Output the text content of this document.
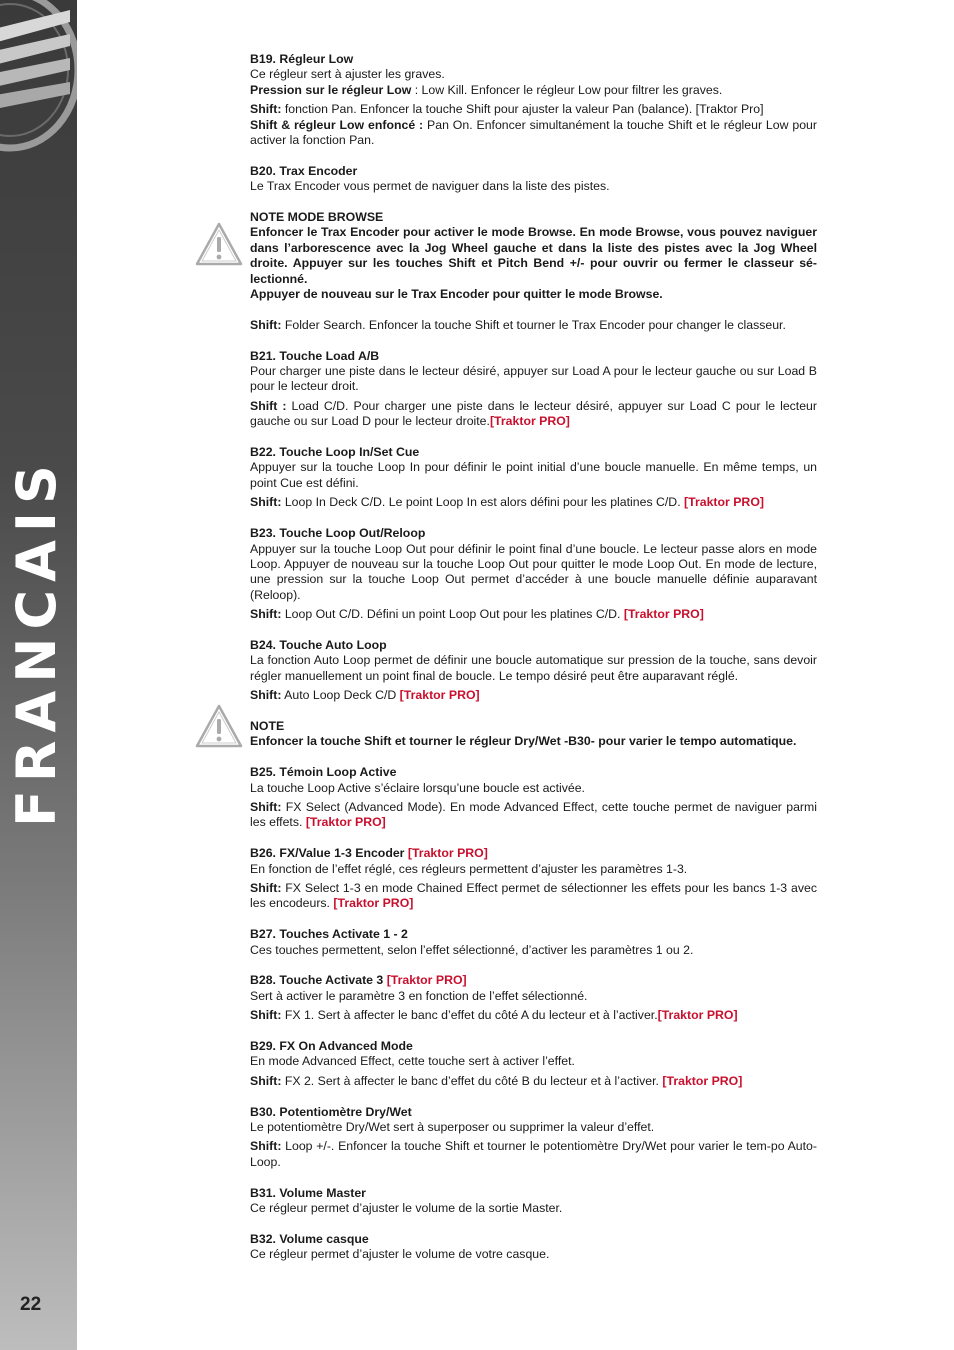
FRANCAIS
22

B19. Régleur Low

Ce régleur sert à ajuster les graves.

Pression sur le régleur Low : Low Kill. Enfoncer le régleur Low pour filtrer les graves.

Shift: fonction Pan. Enfoncer la touche Shift pour ajuster la valeur Pan (balance). [Traktor Pro]

Shift & régleur Low enfoncé : Pan On. Enfoncer simultanément la touche Shift et le régleur Low pour activer la fonction Pan.

B20. Trax Encoder

Le Trax Encoder vous permet de naviguer dans la liste des pistes.

NOTE MODE BROWSE

Enfoncer le Trax Encoder pour activer le mode Browse. En mode Browse, vous pouvez naviguer dans l’arborescence avec la Jog Wheel gauche et dans la liste des pistes avec la Jog Wheel droite. Appuyer sur les touches Shift et Pitch Bend +/- pour ouvrir ou fermer le classeur sé-lectionné.

Appuyer de nouveau sur le Trax Encoder pour quitter le mode Browse.

Shift: Folder Search. Enfoncer la touche Shift et tourner le Trax Encoder pour changer le classeur.

B21. Touche Load A/B

Pour charger une piste dans le lecteur désiré, appuyer sur Load A pour le lecteur gauche ou sur Load B pour le lecteur droit.

Shift : Load C/D. Pour charger une piste dans le lecteur désiré, appuyer sur Load C pour le lecteur gauche ou sur Load D pour le lecteur droite.[Traktor PRO]

B22. Touche Loop In/Set Cue

Appuyer sur la touche Loop In pour définir le point initial d’une boucle manuelle. En même temps, un point Cue est défini.

Shift: Loop In Deck C/D. Le point Loop In est alors défini pour les platines C/D. [Traktor PRO]

B23. Touche Loop Out/Reloop

Appuyer sur la touche Loop Out pour définir le point final d’une boucle. Le lecteur passe alors en mode Loop. Appuyer de nouveau sur la touche Loop Out pour quitter le mode Loop Out. En mode de lecture, une pression sur la touche Loop Out permet d’accéder à une boucle manuelle définie auparavant (Reloop).

Shift: Loop Out C/D. Défini un point Loop Out pour les platines C/D. [Traktor PRO]

B24. Touche Auto Loop

La fonction Auto Loop permet de définir une boucle automatique sur pression de la touche, sans devoir régler manuellement un point final de boucle. Le tempo désiré peut être auparavant réglé.

Shift: Auto Loop Deck C/D [Traktor PRO]

NOTE

Enfoncer la touche Shift et tourner le régleur Dry/Wet -B30- pour varier le tempo automatique.

B25. Témoin Loop Active

La touche Loop Active s’éclaire lorsqu’une boucle est activée.

Shift: FX Select (Advanced Mode). En mode Advanced Effect, cette touche permet de naviguer parmi les effets. [Traktor PRO]

B26. FX/Value 1-3 Encoder [Traktor PRO]

En fonction de l’effet réglé, ces régleurs permettent d’ajuster les paramètres 1-3.

Shift: FX Select 1-3 en mode Chained Effect permet de sélectionner les effets pour les bancs 1-3 avec les encodeurs. [Traktor PRO]

B27. Touches Activate 1 - 2

Ces touches permettent, selon l’effet sélectionné, d’activer les paramètres 1 ou 2.

B28. Touche Activate 3 [Traktor PRO]

Sert à activer le paramètre 3 en fonction de l’effet sélectionné.

Shift: FX 1. Sert à affecter le banc d’effet du côté A du lecteur et à l’activer.[Traktor PRO]

B29. FX On Advanced Mode

En mode Advanced Effect, cette touche sert à activer l’effet.

Shift: FX 2. Sert à affecter le banc d’effet du côté B du lecteur et à l’activer. [Traktor PRO]

B30. Potentiomètre Dry/Wet

Le potentiomètre Dry/Wet sert à superposer ou supprimer la valeur d’effet.

Shift: Loop +/-. Enfoncer la touche Shift et tourner le potentiomètre Dry/Wet pour varier le tem-po Auto-Loop.

B31. Volume Master

Ce régleur permet d’ajuster le volume de la sortie Master.

B32. Volume casque

Ce régleur permet d’ajuster le volume de votre casque.
